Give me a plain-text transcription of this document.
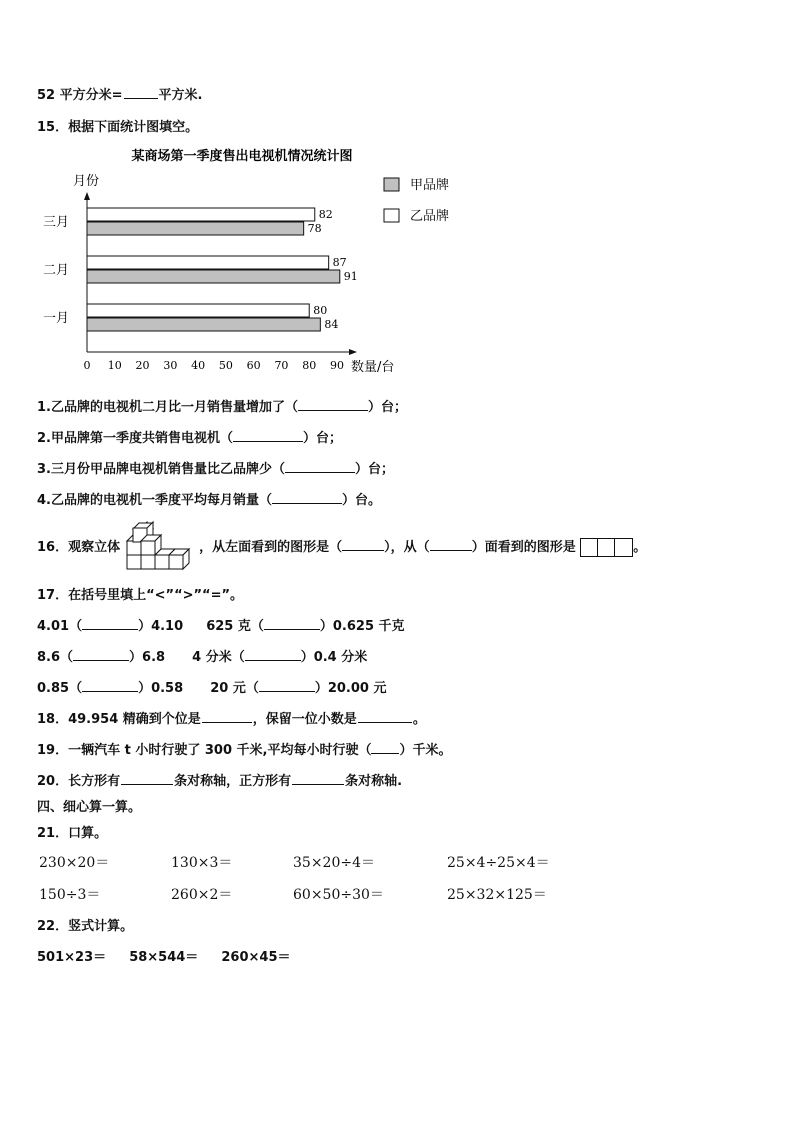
52 平方分米=	平方米.
15．根据下面统计图填空。
某商场第一季度售出电视机情况统计图
月份
数量/台
0 10 20 30 40 50 60 70 80 90
一月
80
84
二月
87
91
三月
82
78
甲品牌
乙品牌
1.乙品牌的电视机二月比一月销售量增加了（	）台；
2.甲品牌第一季度共销售电视机（	）台；
3.三月份甲品牌电视机销售量比乙品牌少（	）台；
4.乙品牌的电视机一季度平均每月销量（	）台。
16．观察立体	，从左面看到的图形是（	），从（	）面看到的图形是	。
17．在括号里填上“<”“>”“=”。
4.01（	）4.10 625 克（	）0.625 千克
8.6（	）6.8 4 分米（	）0.4 分米
0.85（	）0.58 20 元（	）20.00 元
18．49.954 精确到个位是	，保留一位小数是	。
19．一辆汽车 t 小时行驶了 300 千米,平均每小时行驶（ ）千米。
20．长方形有	条对称轴，正方形有	条对称轴.
四、细心算一算。
21．口算。
230×20＝	130×3＝	35×20÷4＝	25×4÷25×4＝
150÷3＝	260×2＝	60×50÷30＝	25×32×125＝
22．竖式计算。
501×23＝ 58×544＝ 260×45＝
